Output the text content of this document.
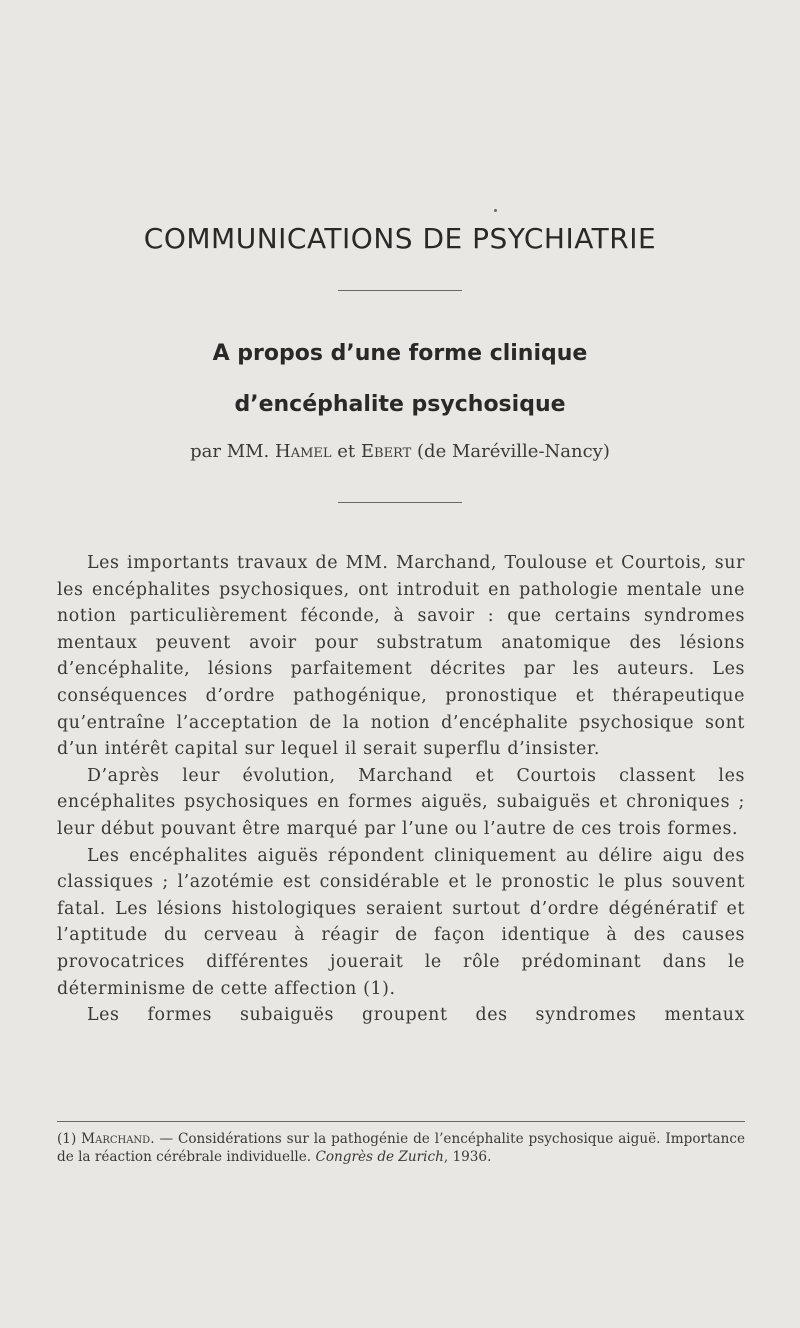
COMMUNICATIONS DE PSYCHIATRIE
A propos d’une forme clinique
d’encéphalite psychosique
par MM. Hamel et Ebert (de Maréville-Nancy)

Les importants travaux de MM. Marchand, Toulouse et Courtois, sur les encéphalites psychosiques, ont introduit en pathologie mentale une notion particulièrement féconde, à savoir : que certains syndromes mentaux peuvent avoir pour substratum anatomique des lésions d’encéphalite, lésions parfaitement décrites par les auteurs. Les conséquences d’ordre pathogénique, pronostique et thérapeutique qu’entraîne l’acceptation de la notion d’encéphalite psychosique sont d’un intérêt capital sur lequel il serait superflu d’insister.

D’après leur évolution, Marchand et Courtois classent les encéphalites psychosiques en formes aiguës, subaiguës et chroniques ; leur début pouvant être marqué par l’une ou l’autre de ces trois formes.

Les encéphalites aiguës répondent cliniquement au délire aigu des classiques ; l’azotémie est considérable et le pronostic le plus souvent fatal. Les lésions histologiques seraient surtout d’ordre dégénératif et l’aptitude du cerveau à réagir de façon identique à des causes provocatrices différentes jouerait le rôle prédominant dans le déterminisme de cette affection (1).

Les formes subaiguës groupent des syndromes mentaux

(1) Marchand. — Considérations sur la pathogénie de l’encéphalite psychosique aiguë. Importance de la réaction cérébrale individuelle. Congrès de Zurich, 1936.
